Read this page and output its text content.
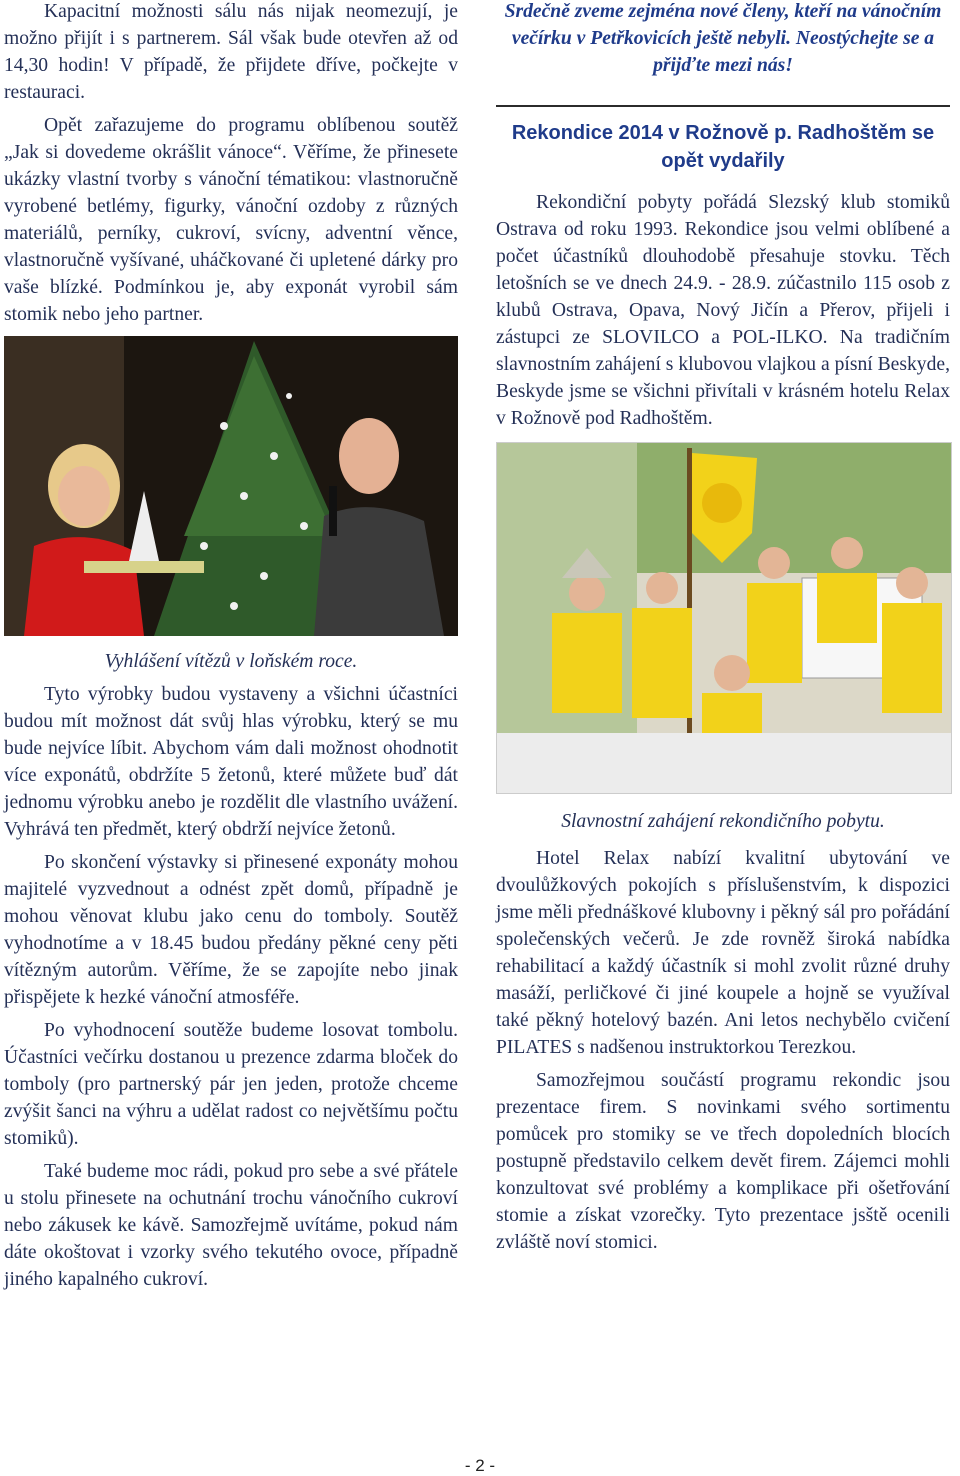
Kapacitní možnosti sálu nás nijak neomezují, je možno přijít i s partnerem. Sál však bude otevřen až od 14,30 hodin! V případě, že přijdete dříve, počkejte v restauraci.

Opět zařazujeme do programu oblíbenou soutěž „Jak si dovedeme okrášlit vánoce“. Věříme, že přinesete ukázky vlastní tvorby s vánoční tématikou: vlastnoručně vyrobené betlémy, figurky, vánoční ozdoby z různých materiálů, perníky, cukroví, svícny, adventní věnce, vlastnoručně vyšívané, uháčkované či upletené dárky pro vaše blízké. Podmínkou je, aby exponát vyrobil sám stomik nebo jeho partner.

Vyhlášení vítězů v loňském roce.

Tyto výrobky budou vystaveny a všichni účastníci budou mít možnost dát svůj hlas výrobku, který se mu bude nejvíce líbit. Abychom vám dali možnost ohodnotit více exponátů, obdržíte 5 žetonů, které můžete buď dát jednomu výrobku anebo je rozdělit dle vlastního uvážení. Vyhrává ten předmět, který obdrží nejvíce žetonů.

Po skončení výstavky si přinesené exponáty mohou majitelé vyzvednout a odnést zpět domů, případně je mohou věnovat klubu jako cenu do tomboly. Soutěž vyhodnotíme a v 18.45 budou předány pěkné ceny pěti vítězným autorům. Věříme, že se zapojíte nebo jinak přispějete k hezké vánoční atmosféře.

Po vyhodnocení soutěže budeme losovat tombolu. Účastníci večírku dostanou u prezence zdarma bloček do tomboly (pro partnerský pár jen jeden, protože chceme zvýšit šanci na výhru a udělat radost co největšímu počtu stomiků).

Také budeme moc rádi, pokud pro sebe a své přátele u stolu přinesete na ochutnání trochu vánočního cukroví nebo zákusek ke kávě. Samozřejmě uvítáme, pokud nám dáte okoštovat i vzorky svého tekutého ovoce, případně jiného kapalného cukroví.

Srdečně zveme zejména nové členy, kteří na vánočním večírku v Petřkovicích ještě nebyli. Neostýchejte se a přijďte mezi nás!

Rekondice 2014 v Rožnově p. Radhoštěm se opět vydařily

Rekondiční pobyty pořádá Slezský klub stomiků Ostrava od roku 1993. Rekondice jsou velmi oblíbené a počet účastníků dlouhodobě přesahuje stovku. Těch letošních se ve dnech 24.9. - 28.9. zúčastnilo 115 osob z klubů Ostrava, Opava, Nový Jičín a Přerov, přijeli i zástupci ze SLOVILCO a POL-ILKO. Na tradičním slavnostním zahájení s klubovou vlajkou a písní Beskyde, Beskyde jsme se všichni přivítali v krásném hotelu Relax v Rožnově pod Radhoštěm.

Slavnostní zahájení rekondičního pobytu.

Hotel Relax nabízí kvalitní ubytování ve dvoulůžkových pokojích s příslušenstvím, k dispozici jsme měli přednáškové klubovny i pěkný sál pro pořádání společenských večerů. Je zde rovněž široká nabídka rehabilitací a každý účastník si mohl zvolit různé druhy masáží, perličkové či jiné koupele a hojně se využíval také pěkný hotelový bazén. Ani letos nechybělo cvičení PILATES s nadšenou instruktorkou Terezkou.

Samozřejmou součástí programu rekondic jsou prezentace firem. S novinkami svého sortimentu pomůcek pro stomiky se ve třech dopoledních blocích postupně představilo celkem devět firem. Zájemci mohli konzultovat své problémy a komplikace při ošetřování stomie a získat vzorečky. Tyto prezentace jsště ocenili zvláště noví stomici.

- 2 -
